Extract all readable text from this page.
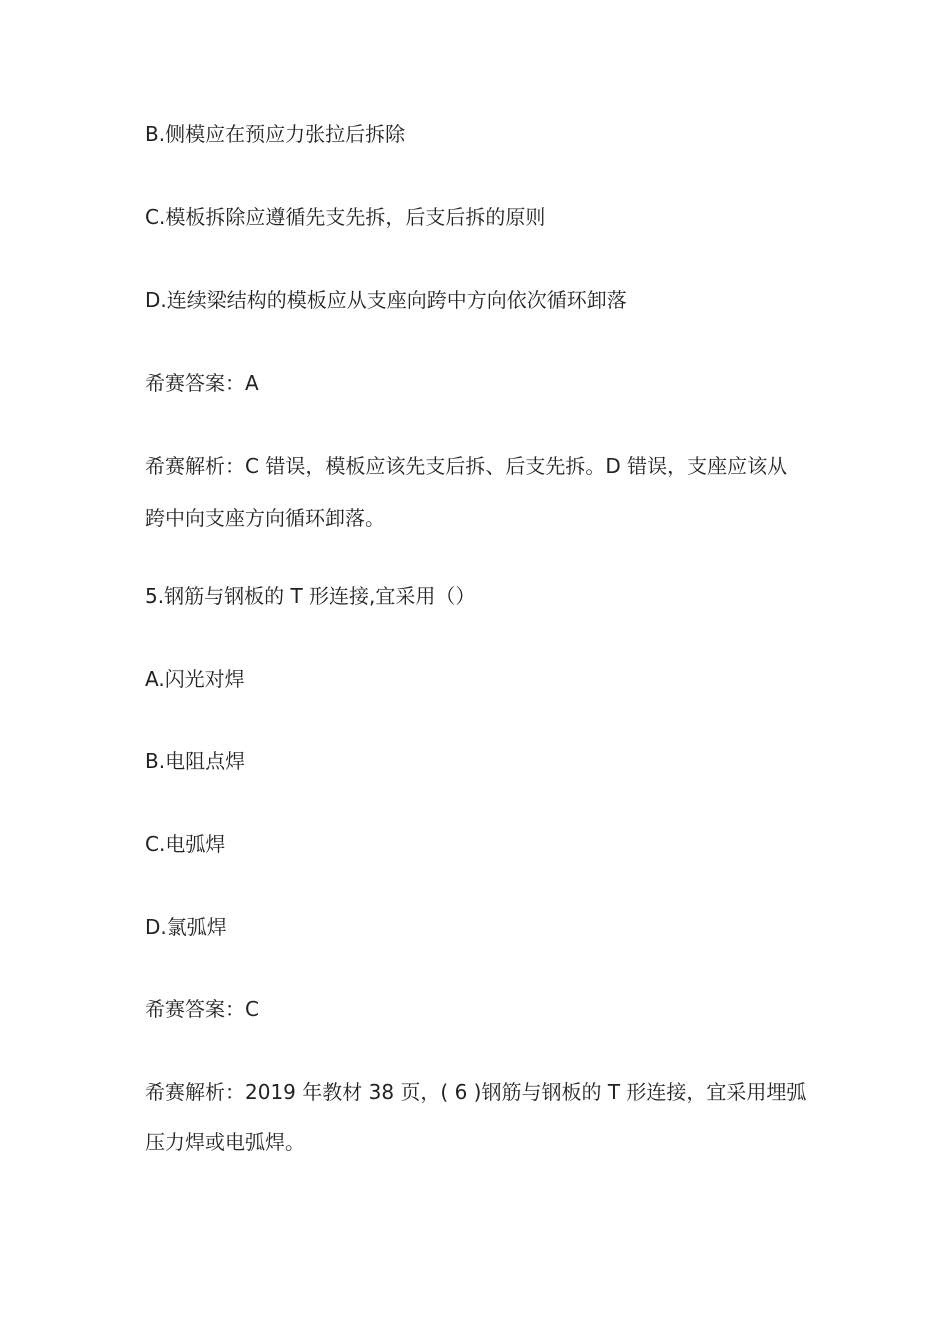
B.侧模应在预应力张拉后拆除
C.模板拆除应遵循先支先拆，后支后拆的原则
D.连续梁结构的模板应从支座向跨中方向依次循环卸落
希赛答案：A
希赛解析：C 错误，模板应该先支后拆、后支先拆。D 错误，支座应该从
跨中向支座方向循环卸落。
5.钢筋与钢板的 T 形连接,宜采用（）
A.闪光对焊
B.电阻点焊
C.电弧焊
D.氯弧焊
希赛答案：C
希赛解析：2019 年教材 38 页，( 6 )钢筋与钢板的 T 形连接，宜采用埋弧
压力焊或电弧焊。
